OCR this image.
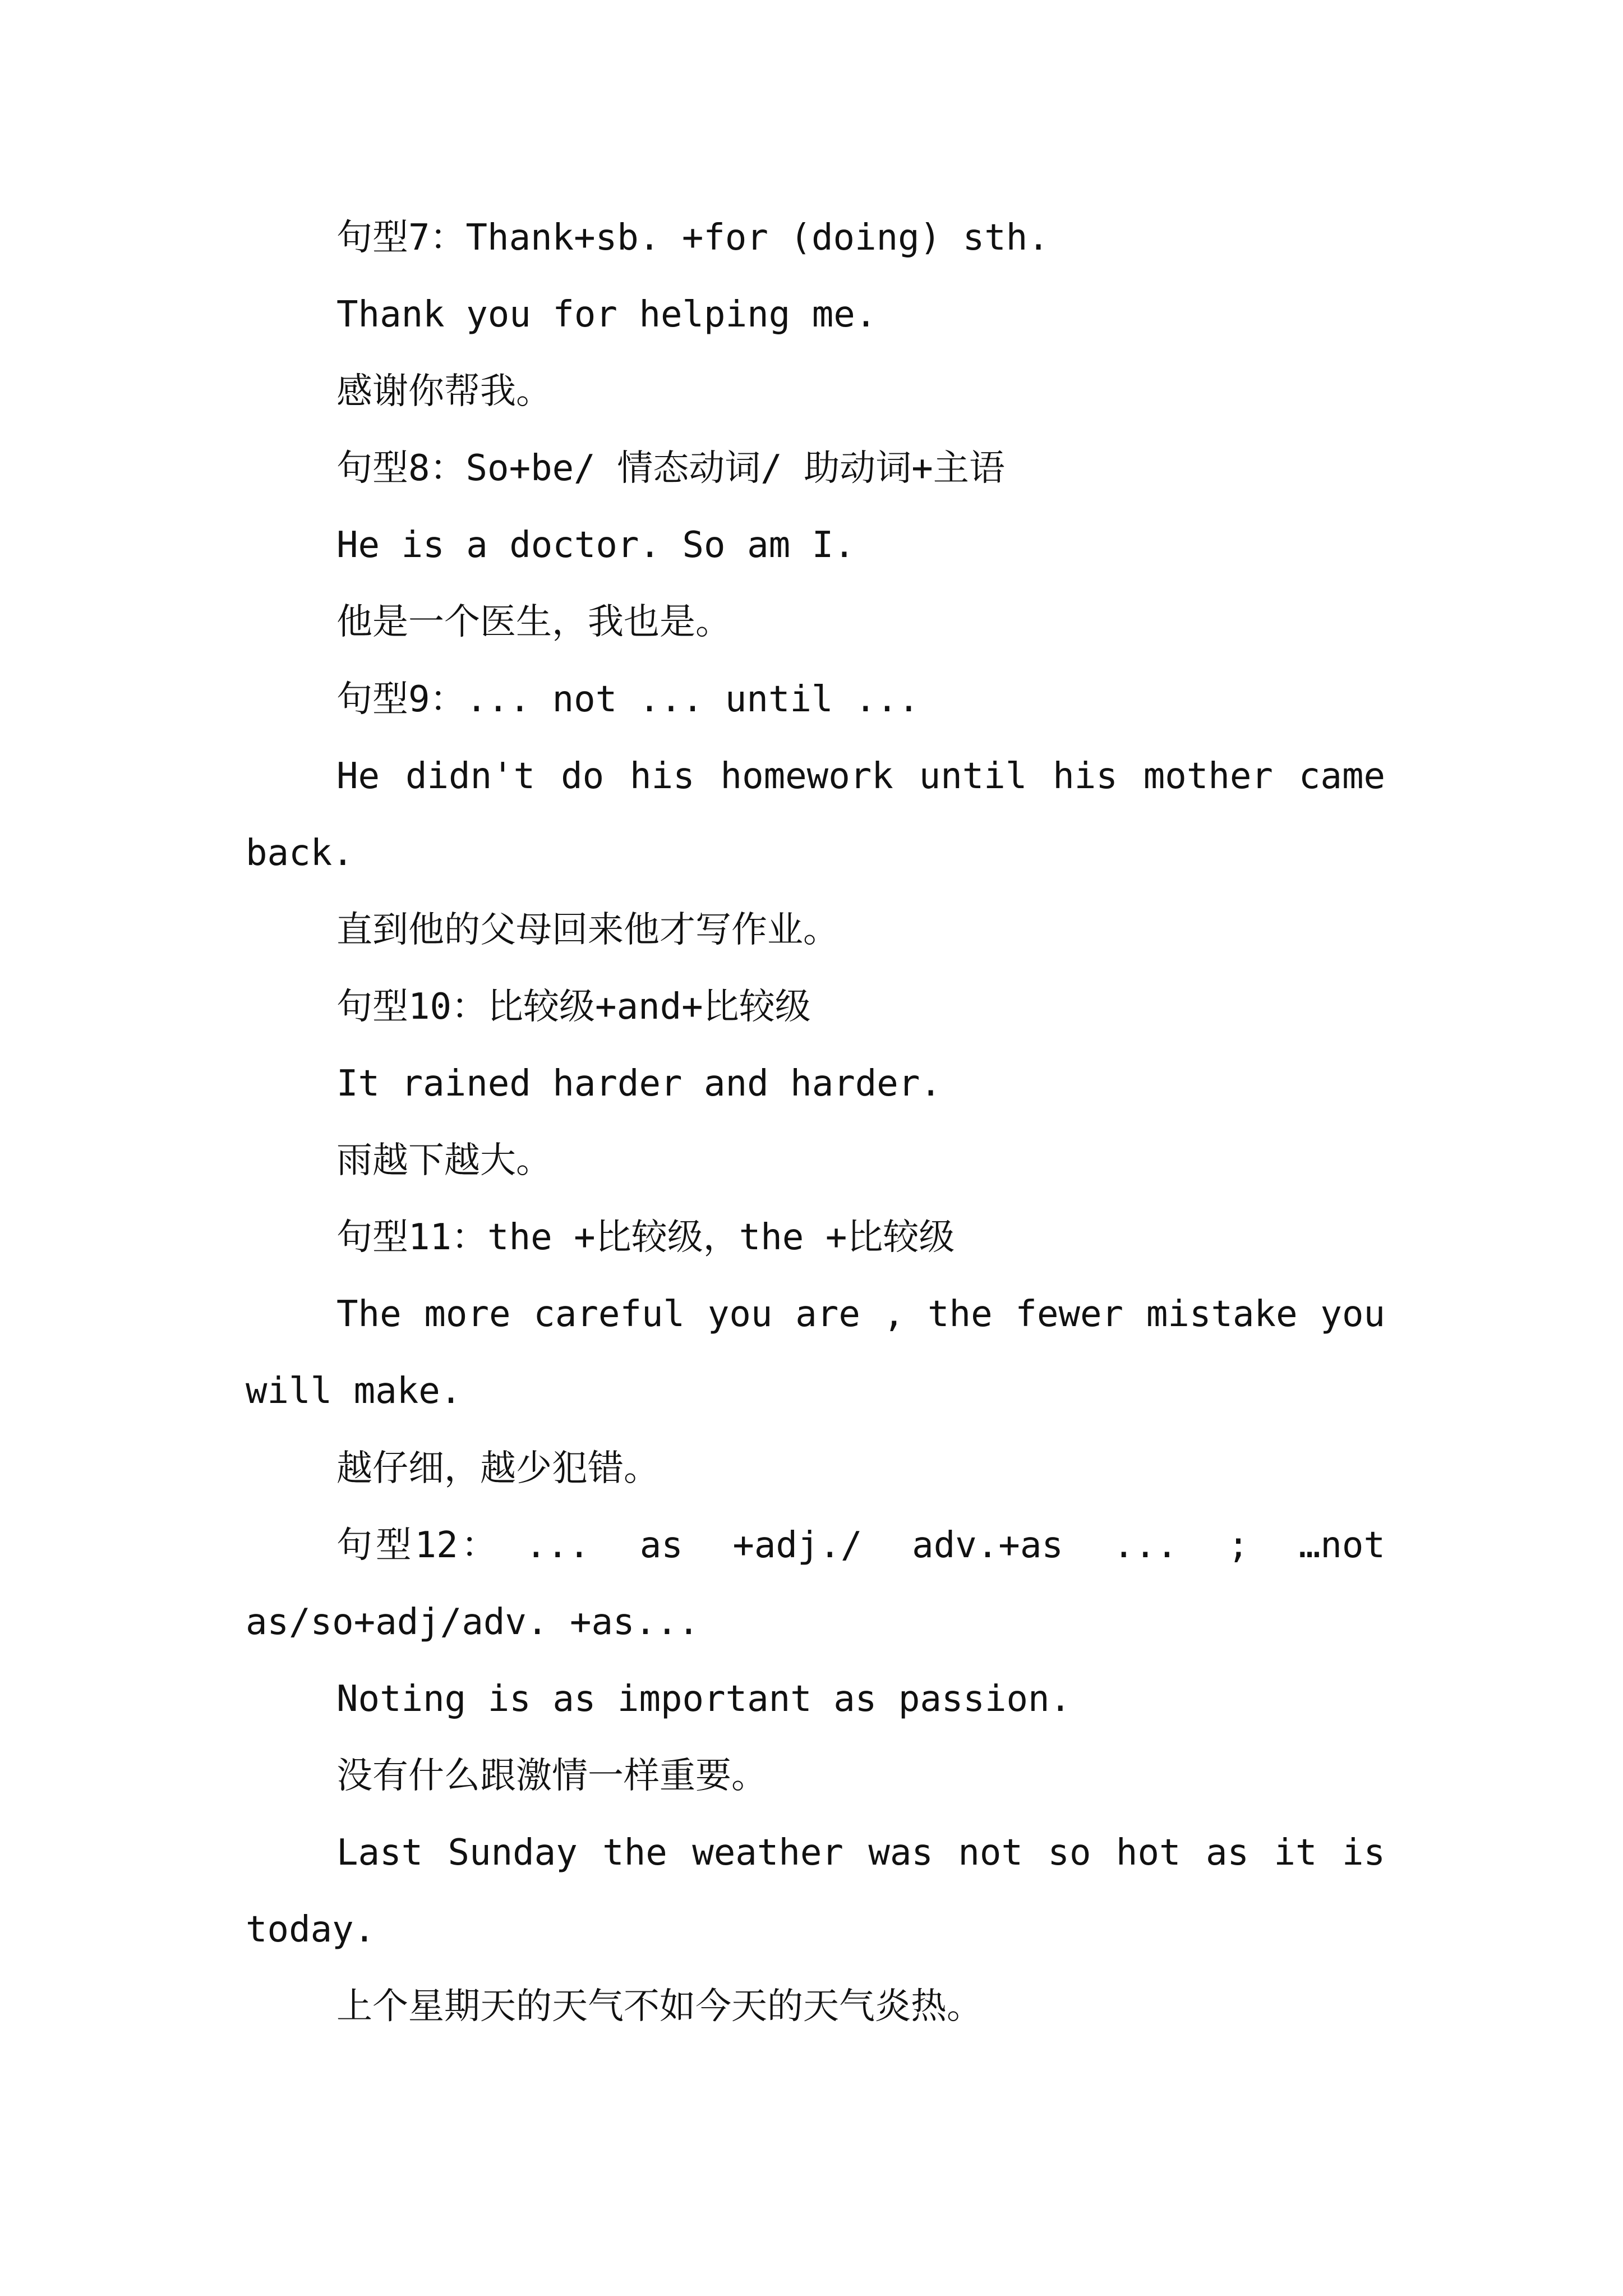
句型7：Thank+sb. +for (doing) sth.

Thank you for helping me.

感谢你帮我。

句型8：So+be/ 情态动词/ 助动词+主语

He is a doctor. So am I.

他是一个医生，我也是。

句型9：... not ... until ...

He didn't do his homework until his mother came back.

直到他的父母回来他才写作业。

句型10：比较级+and+比较级

It rained harder and harder.

雨越下越大。

句型11：the +比较级，the +比较级

The more careful you are , the fewer mistake you will make.

越仔细，越少犯错。

句型12： ...  as  +adj./  adv.+as  ...  ;  …not as/so+adj/adv. +as...

Noting is as important as passion.

没有什么跟激情一样重要。

Last Sunday the weather was not so hot as it is today.

上个星期天的天气不如今天的天气炎热。
